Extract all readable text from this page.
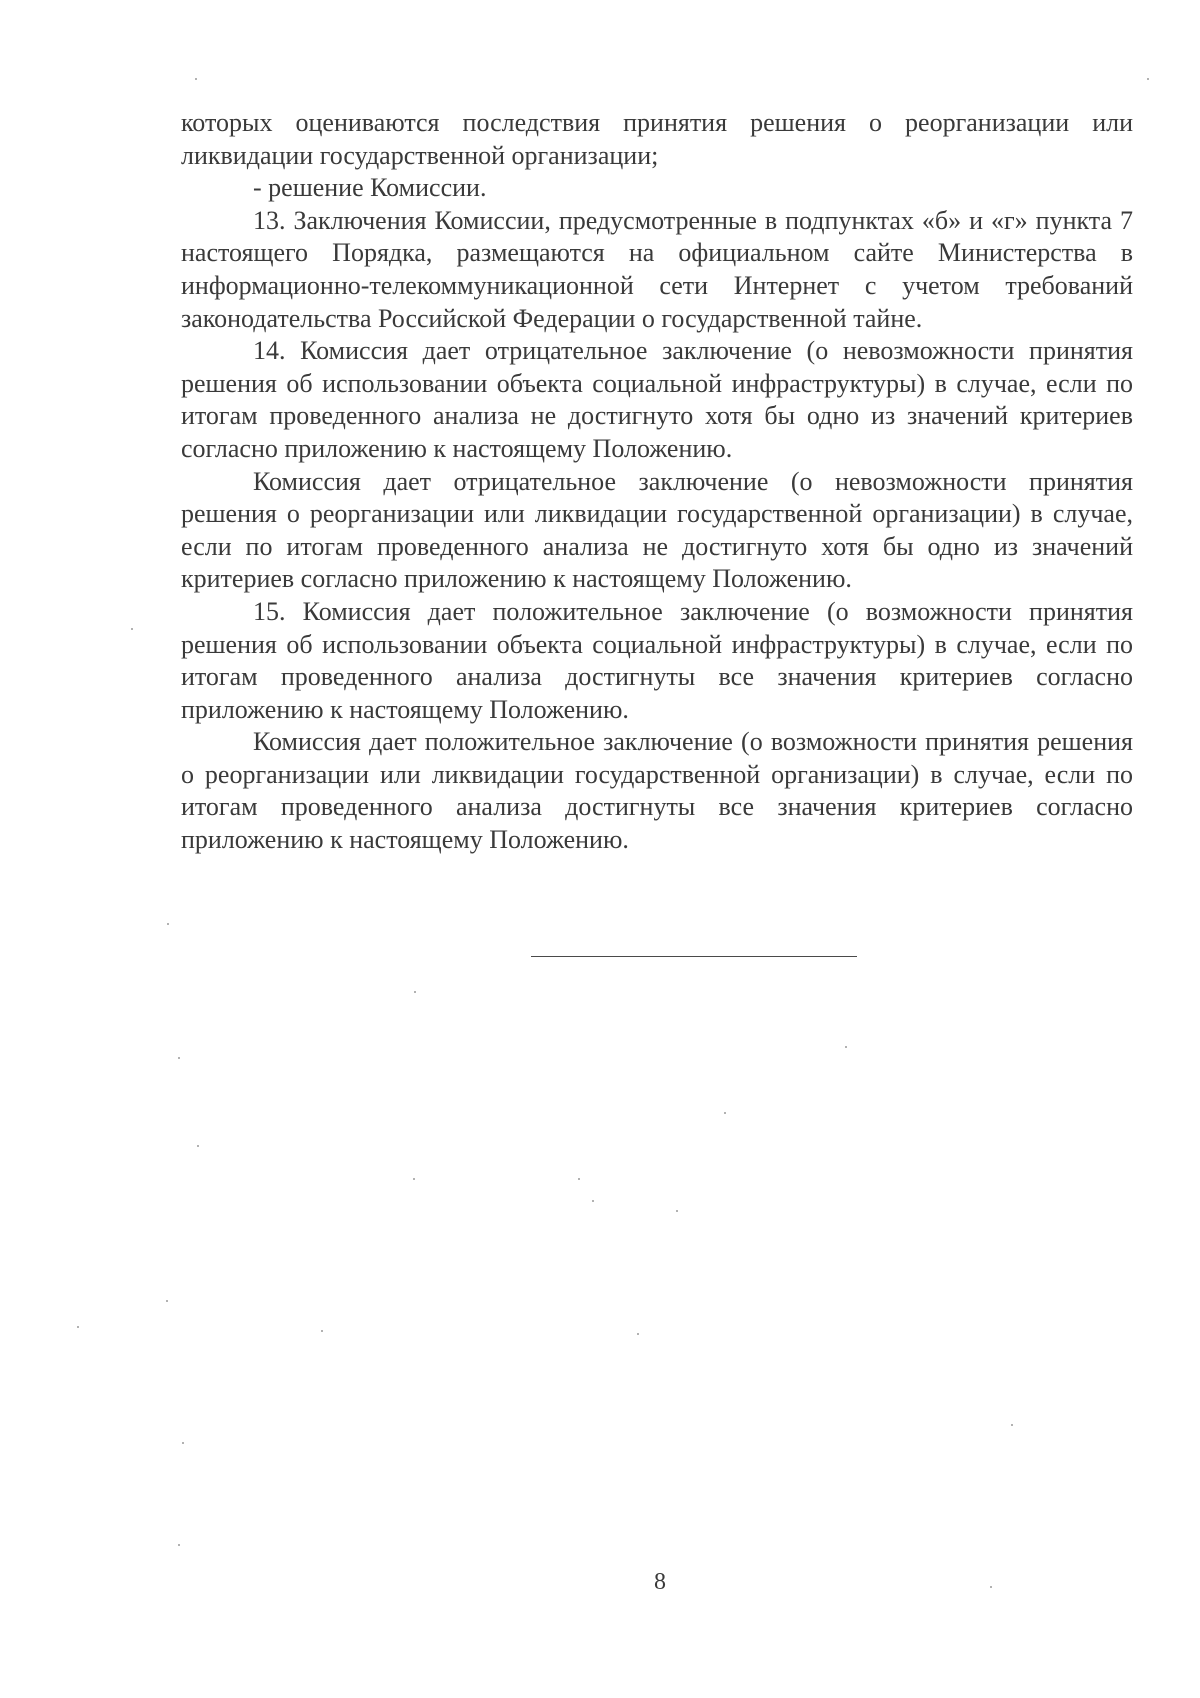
которых оцениваются последствия принятия решения о реорганизации или ликвидации государственной организации;

- решение Комиссии.

13. Заключения Комиссии, предусмотренные в подпунктах «б» и «г» пункта 7 настоящего Порядка, размещаются на официальном сайте Министерства в информационно-телекоммуникационной сети Интернет с учетом требований законодательства Российской Федерации о государственной тайне.

14. Комиссия дает отрицательное заключение (о невозможности принятия решения об использовании объекта социальной инфраструктуры) в случае, если по итогам проведенного анализа не достигнуто хотя бы одно из значений критериев согласно приложению к настоящему Положению.

Комиссия дает отрицательное заключение (о невозможности принятия решения о реорганизации или ликвидации государственной организации) в случае, если по итогам проведенного анализа не достигнуто хотя бы одно из значений критериев согласно приложению к настоящему Положению.

15. Комиссия дает положительное заключение (о возможности принятия решения об использовании объекта социальной инфраструктуры) в случае, если по итогам проведенного анализа достигнуты все значения критериев согласно приложению к настоящему Положению.

Комиссия дает положительное заключение (о возможности принятия решения о реорганизации или ликвидации государственной организации) в случае, если по итогам проведенного анализа достигнуты все значения критериев согласно приложению к настоящему Положению.

8
